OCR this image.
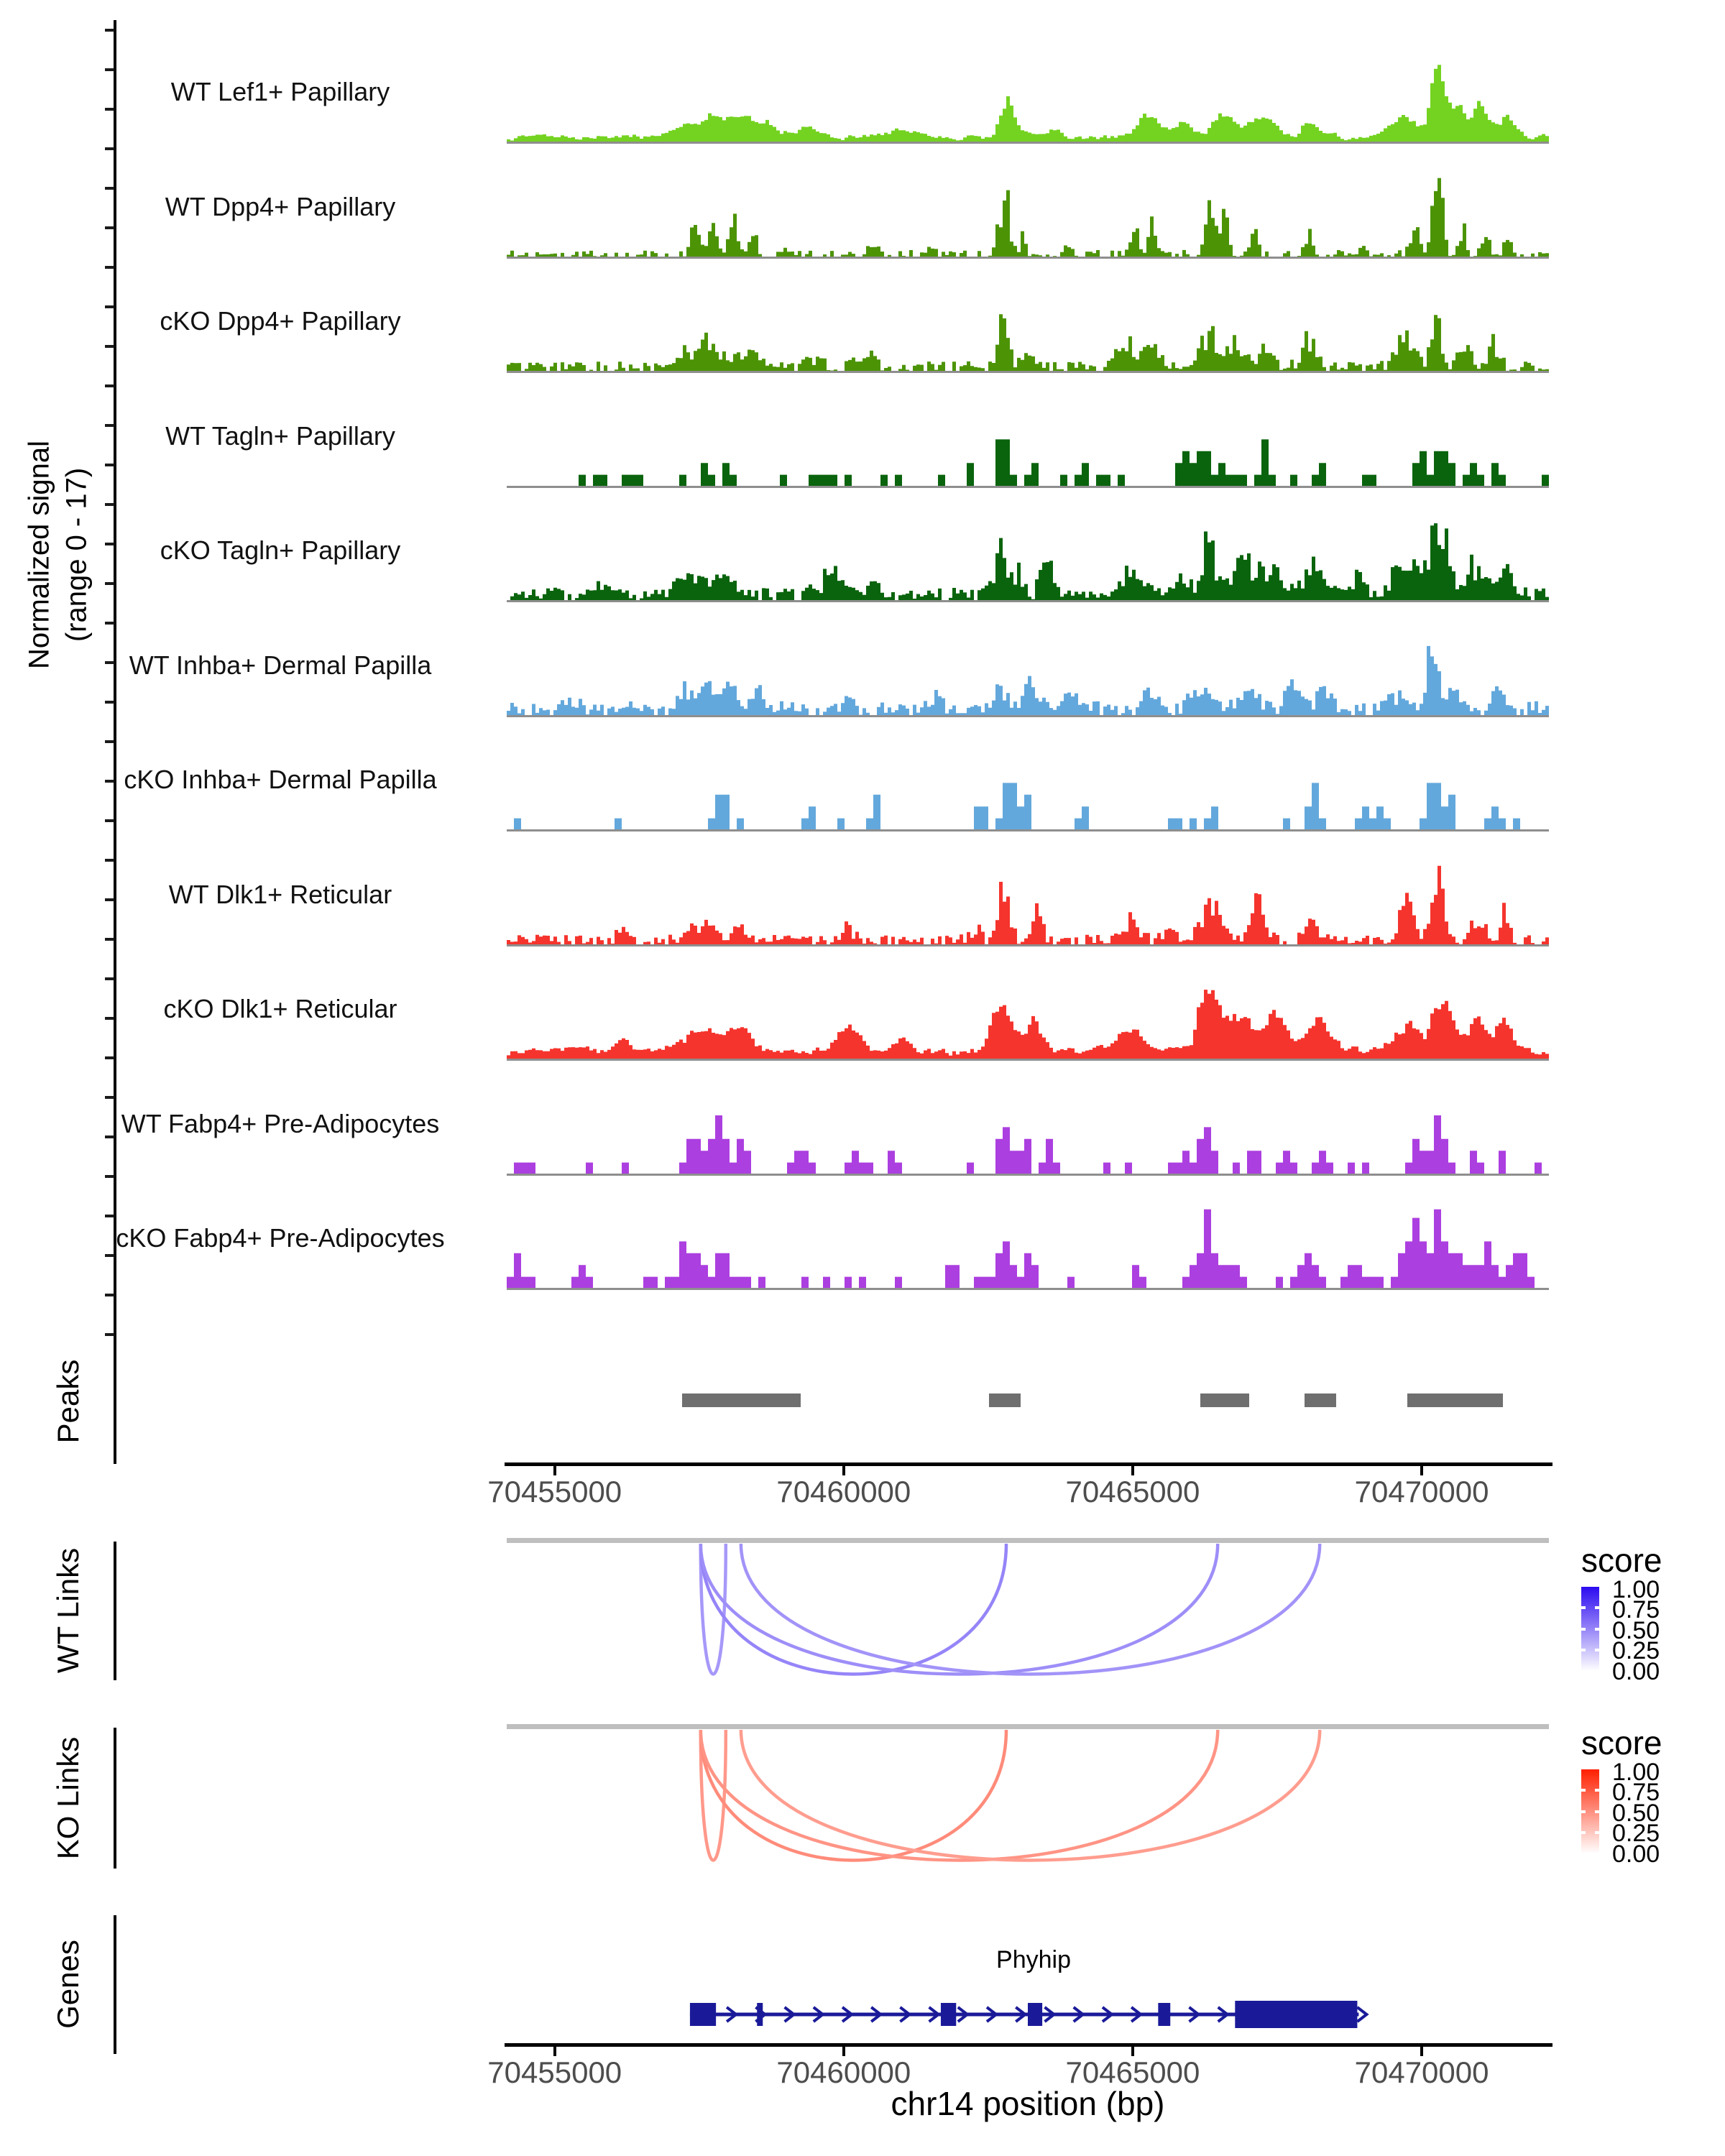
Normalized signal (range 0 - 17)
WT Lef1+ Papillary
WT Dpp4+ Papillary
cKO Dpp4+ Papillary
WT Tagln+ Papillary
cKO Tagln+ Papillary
WT Inhba+ Dermal Papilla
cKO Inhba+ Dermal Papilla
WT Dlk1+ Reticular
cKO Dlk1+ Reticular
WT Fabp4+ Pre-Adipocytes
cKO Fabp4+ Pre-Adipocytes
Peaks
WT Links
KO Links
Genes
70455000	70460000	70465000	70470000
score
1.00
0.75
0.50
0.25
0.00
score
1.00
0.75
0.50
0.25
0.00
Phyhip
70455000	70460000	70465000	70470000
chr14 position (bp)
